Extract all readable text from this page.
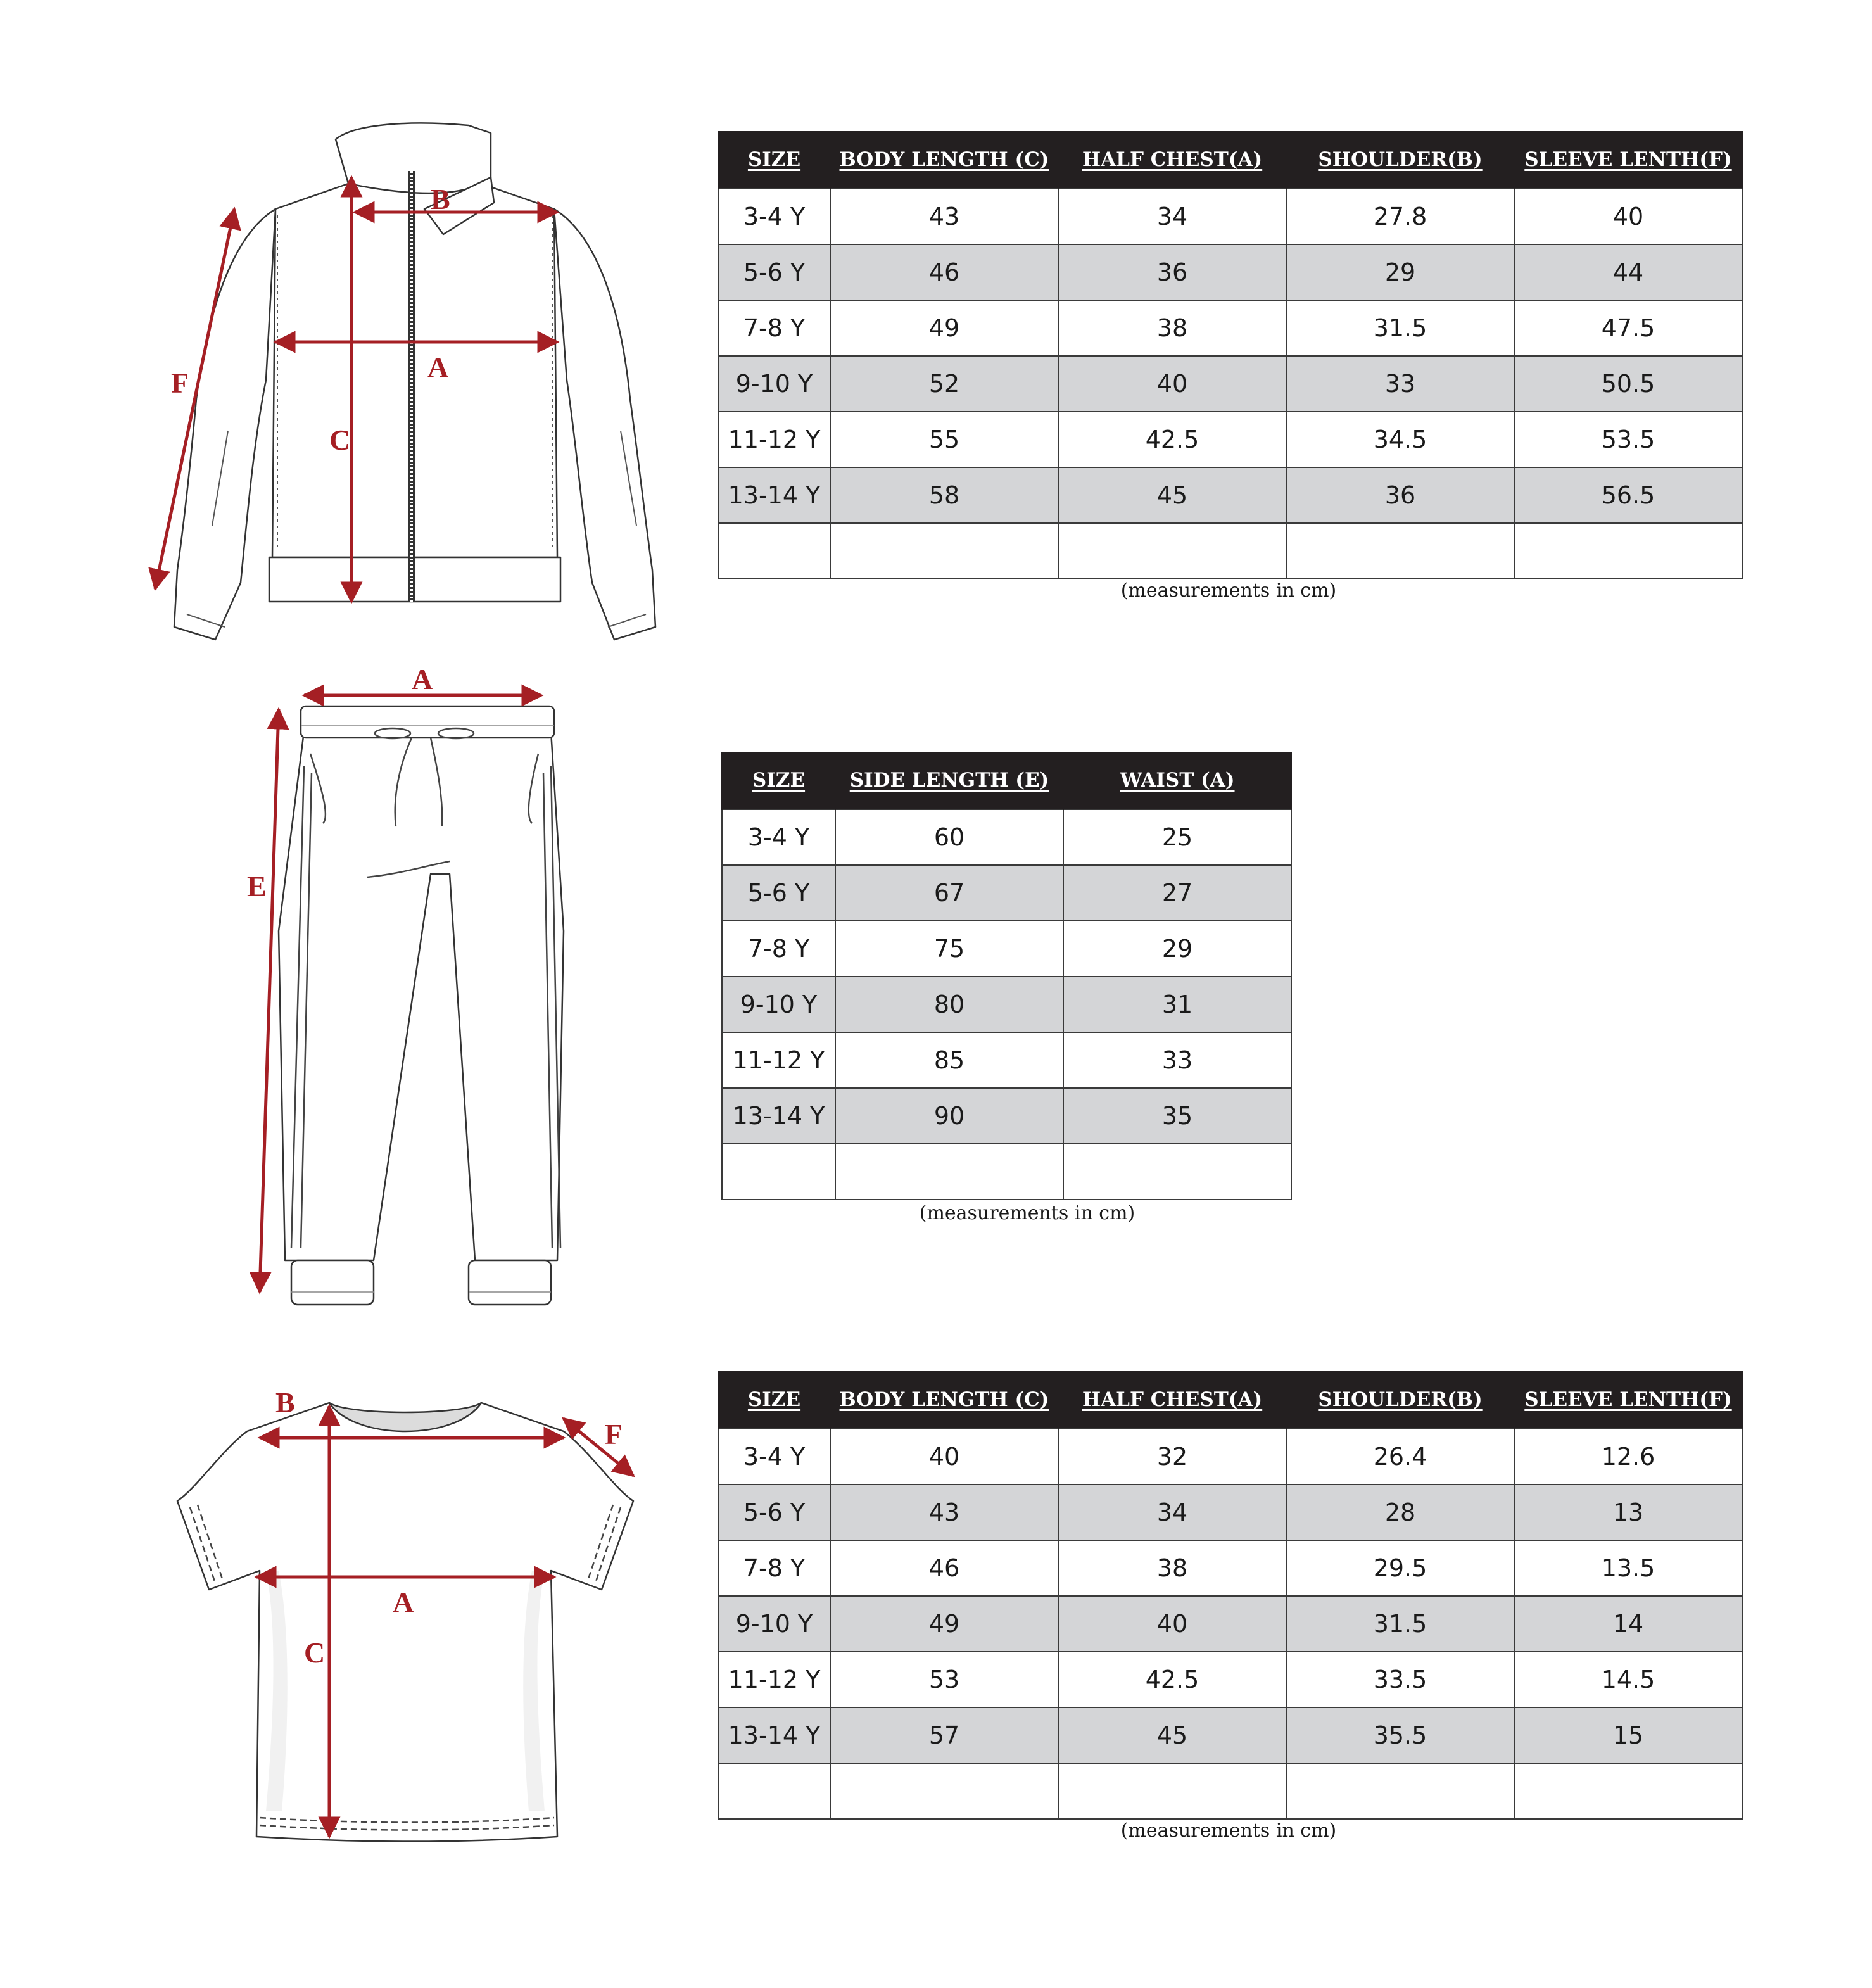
B
A
C
F
SIZE	BODY LENGTH (C)	HALF CHEST(A)	SHOULDER(B)	SLEEVE LENTH(F)
3-4 Y	43	34	27.8	40
5-6 Y	46	36	29	44
7-8 Y	49	38	31.5	47.5
9-10 Y	52	40	33	50.5
11-12 Y	55	42.5	34.5	53.5
13-14 Y	58	45	36	56.5

(measurements in cm)
A
E
SIZE	SIDE LENGTH (E)	WAIST (A)
3-4 Y	60	25
5-6 Y	67	27
7-8 Y	75	29
9-10 Y	80	31
11-12 Y	85	33
13-14 Y	90	35

(measurements in cm)
B
A
C
F
SIZE	BODY LENGTH (C)	HALF CHEST(A)	SHOULDER(B)	SLEEVE LENTH(F)
3-4 Y	40	32	26.4	12.6
5-6 Y	43	34	28	13
7-8 Y	46	38	29.5	13.5
9-10 Y	49	40	31.5	14
11-12 Y	53	42.5	33.5	14.5
13-14 Y	57	45	35.5	15

(measurements in cm)
